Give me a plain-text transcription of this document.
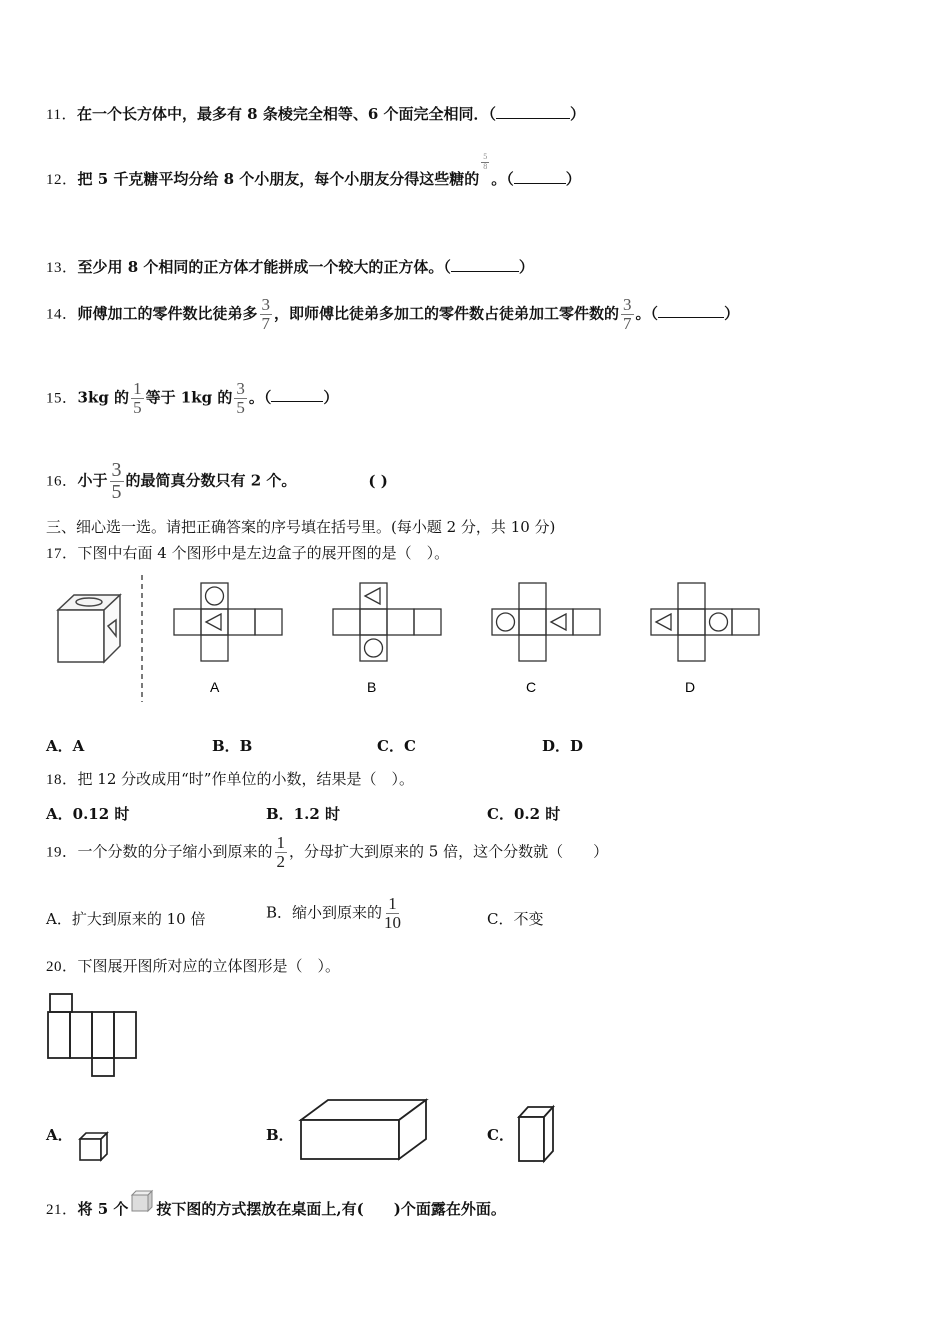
11．在一个长方体中，最多有 8 条棱完全相等、6 个面完全相同．（	）
12．把 5 千克糖平均分给 8 个小朋友，每个小朋友分得这些糖的
$\frac{5}{8}$
。（	）
13．至少用 8 个相同的正方体才能拼成一个较大的正方体。（	）
14．师傅加工的零件数比徒弟多 $\frac{3}{7}$ ，即师傅比徒弟多加工的零件数占徒弟加工零件数的 $\frac{3}{7}$ 。（	）
15．3kg 的 $\frac{1}{5}$ 等于 1kg 的 $\frac{3}{5}$ 。（	）
16．小于 $\frac{3}{5}$ 的最简真分数只有 2 个。	( )
三、细心选一选。请把正确答案的序号填在括号里。(每小题 2 分，共 10 分)
17．下图中右面 4 个图形中是左边盒子的展开图的是（　）。
A	B	C	D
A．A	B．B	C．C	D．D
18．把 12 分改成用“时”作单位的小数，结果是（　）。
A．0.12 时	B．1.2 时	C．0.2 时
19．一个分数的分子缩小到原来的 $\frac{1}{2}$ ，分母扩大到原来的 5 倍，这个分数就（　　）
A．扩大到原来的 10 倍	B．缩小到原来的 $\frac{1}{10}$	C．不变
20．下图展开图所对应的立体图形是（　）。
A．	B．	C．
21．将 5 个 按下图的方式摆放在桌面上,有(　　)个面露在外面。
